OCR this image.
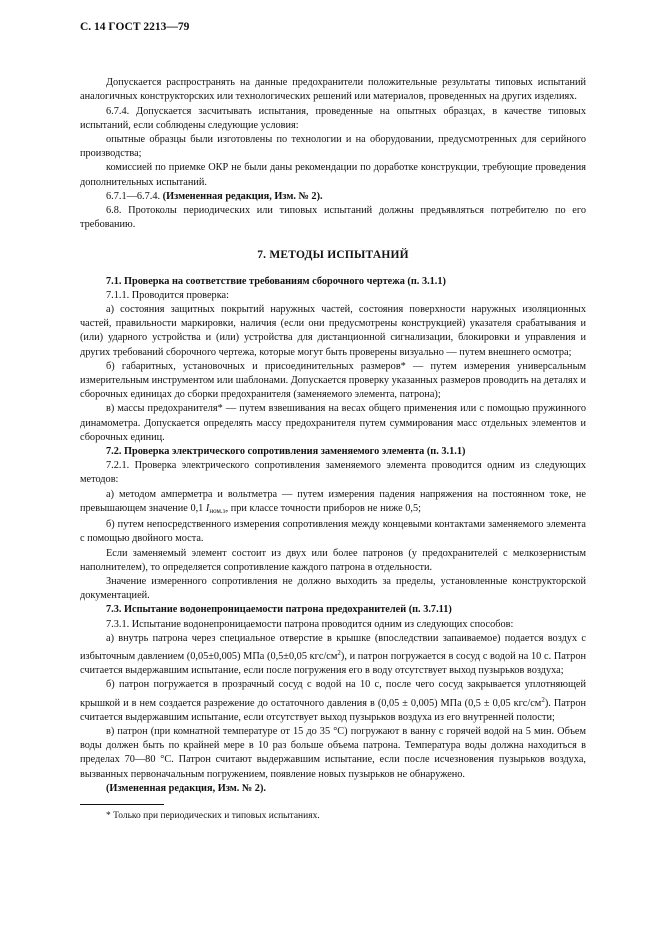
С. 14 ГОСТ 2213—79

Допускается распространять на данные предохранители положительные результаты типовых испытаний аналогичных конструкторских или технологических решений или материалов, проведенных на других изделиях.

6.7.4. Допускается засчитывать испытания, проведенные на опытных образцах, в качестве типовых испытаний, если соблюдены следующие условия:

опытные образцы были изготовлены по технологии и на оборудовании, предусмотренных для серийного производства;

комиссией по приемке ОКР не были даны рекомендации по доработке конструкции, требующие проведения дополнительных испытаний.

6.7.1—6.7.4. (Измененная редакция, Изм. № 2).

6.8. Протоколы периодических или типовых испытаний должны предъявляться потребителю по его требованию.

7. МЕТОДЫ ИСПЫТАНИЙ

7.1. Проверка на соответствие требованиям сборочного чертежа (п. 3.1.1)

7.1.1. Проводится проверка:

а) состояния защитных покрытий наружных частей, состояния поверхности наружных изоляционных частей, правильности маркировки, наличия (если они предусмотрены конструкцией) указателя срабатывания и (или) ударного устройства и (или) устройства для дистанционной сигнализации, блокировки и управления и других требований сборочного чертежа, которые могут быть проверены визуально — путем внешнего осмотра;

б) габаритных, установочных и присоединительных размеров* — путем измерения универсальным измерительным инструментом или шаблонами. Допускается проверку указанных размеров проводить на деталях и сборочных единицах до сборки предохранителя (заменяемого элемента, патрона);

в) массы предохранителя* — путем взвешивания на весах общего применения или с помощью пружинного динамометра. Допускается определять массу предохранителя путем суммирования масс отдельных элементов и сборочных единиц.

7.2. Проверка электрического сопротивления заменяемого элемента (п. 3.1.1)

7.2.1. Проверка электрического сопротивления заменяемого элемента проводится одним из следующих методов:

а) методом амперметра и вольтметра — путем измерения падения напряжения на постоянном токе, не превышающем значение 0,1 $I_{ном.э}$, при классе точности приборов не ниже 0,5;

б) путем непосредственного измерения сопротивления между концевыми контактами заменяемого элемента с помощью двойного моста.

Если заменяемый элемент состоит из двух или более патронов (у предохранителей с мелкозернистым наполнителем), то определяется сопротивление каждого патрона в отдельности.

Значение измеренного сопротивления не должно выходить за пределы, установленные конструкторской документацией.

7.3. Испытание водонепроницаемости патрона предохранителей (п. 3.7.11)

7.3.1. Испытание водонепроницаемости патрона проводится одним из следующих способов:

а) внутрь патрона через специальное отверстие в крышке (впоследствии запаиваемое) подается воздух с избыточным давлением (0,05±0,005) МПа (0,5±0,05 кгс/$см^2$), и патрон погружается в сосуд с водой на 10 с. Патрон считается выдержавшим испытание, если после погружения его в воду отсутствует выход пузырьков воздуха;

б) патрон погружается в прозрачный сосуд с водой на 10 с, после чего сосуд закрывается уплотняющей крышкой и в нем создается разрежение до остаточного давления в (0,05 ± 0,005) МПа (0,5 ± 0,05 кгс/$см^2$). Патрон считается выдержавшим испытание, если отсутствует выход пузырьков воздуха из его внутренней полости;

в) патрон (при комнатной температуре от 15 до 35 °С) погружают в ванну с горячей водой на 5 мин. Объем воды должен быть по крайней мере в 10 раз больше объема патрона. Температура воды должна находиться в пределах 70—80 °С. Патрон считают выдержавшим испытание, если после исчезновения пузырьков воздуха, вызванных первоначальным погружением, появление новых пузырьков не обнаружено.

(Измененная редакция, Изм. № 2).

* Только при периодических и типовых испытаниях.
